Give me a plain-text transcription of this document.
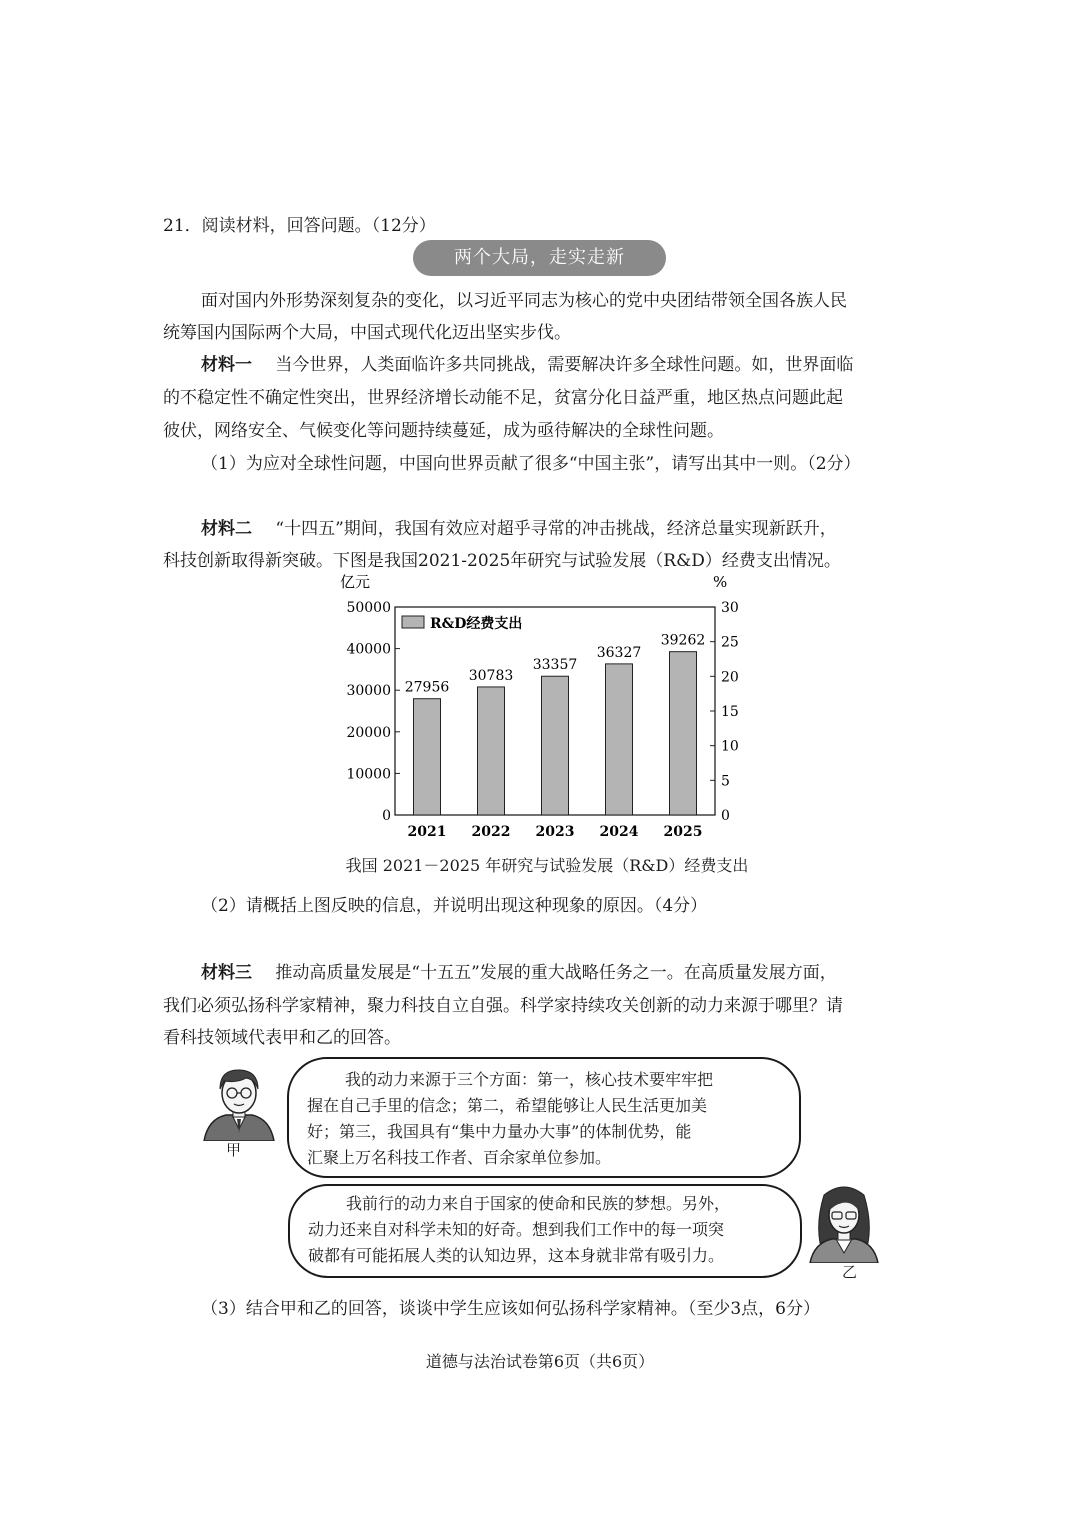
21．阅读材料，回答问题。（12分）
两个大局，走实走新
面对国内外形势深刻复杂的变化，以习近平同志为核心的党中央团结带领全国各族人民
统筹国内国际两个大局，中国式现代化迈出坚实步伐。
材料一 当今世界，人类面临许多共同挑战，需要解决许多全球性问题。如，世界面临
的不稳定性不确定性突出，世界经济增长动能不足，贫富分化日益严重，地区热点问题此起
彼伏，网络安全、气候变化等问题持续蔓延，成为亟待解决的全球性问题。
（1）为应对全球性问题，中国向世界贡献了很多“中国主张”，请写出其中一则。（2分）
材料二 “十四五”期间，我国有效应对超乎寻常的冲击挑战，经济总量实现新跃升，
科技创新取得新突破。下图是我国2021-2025年研究与试验发展（R&D）经费支出情况。
0
10000
20000
30000
40000
50000
0
5
10
15
20
25
30
亿元	%
27956
2021
30783
2022
33357
2023
36327
2024
39262
2025
R&D经费支出
我国 2021－2025 年研究与试验发展（R&D）经费支出
（2）请概括上图反映的信息，并说明出现这种现象的原因。（4分）
材料三 推动高质量发展是“十五五”发展的重大战略任务之一。在高质量发展方面，
我们必须弘扬科学家精神，聚力科技自立自强。科学家持续攻关创新的动力来源于哪里？请
看科技领域代表甲和乙的回答。
甲
我的动力来源于三个方面：第一，核心技术要牢牢把
握在自己手里的信念；第二，希望能够让人民生活更加美
好；第三，我国具有“集中力量办大事”的体制优势，能
汇聚上万名科技工作者、百余家单位参加。
我前行的动力来自于国家的使命和民族的梦想。另外，
动力还来自对科学未知的好奇。想到我们工作中的每一项突
破都有可能拓展人类的认知边界，这本身就非常有吸引力。
乙
（3）结合甲和乙的回答，谈谈中学生应该如何弘扬科学家精神。（至少3点，6分）
道德与法治试卷第6页（共6页）
